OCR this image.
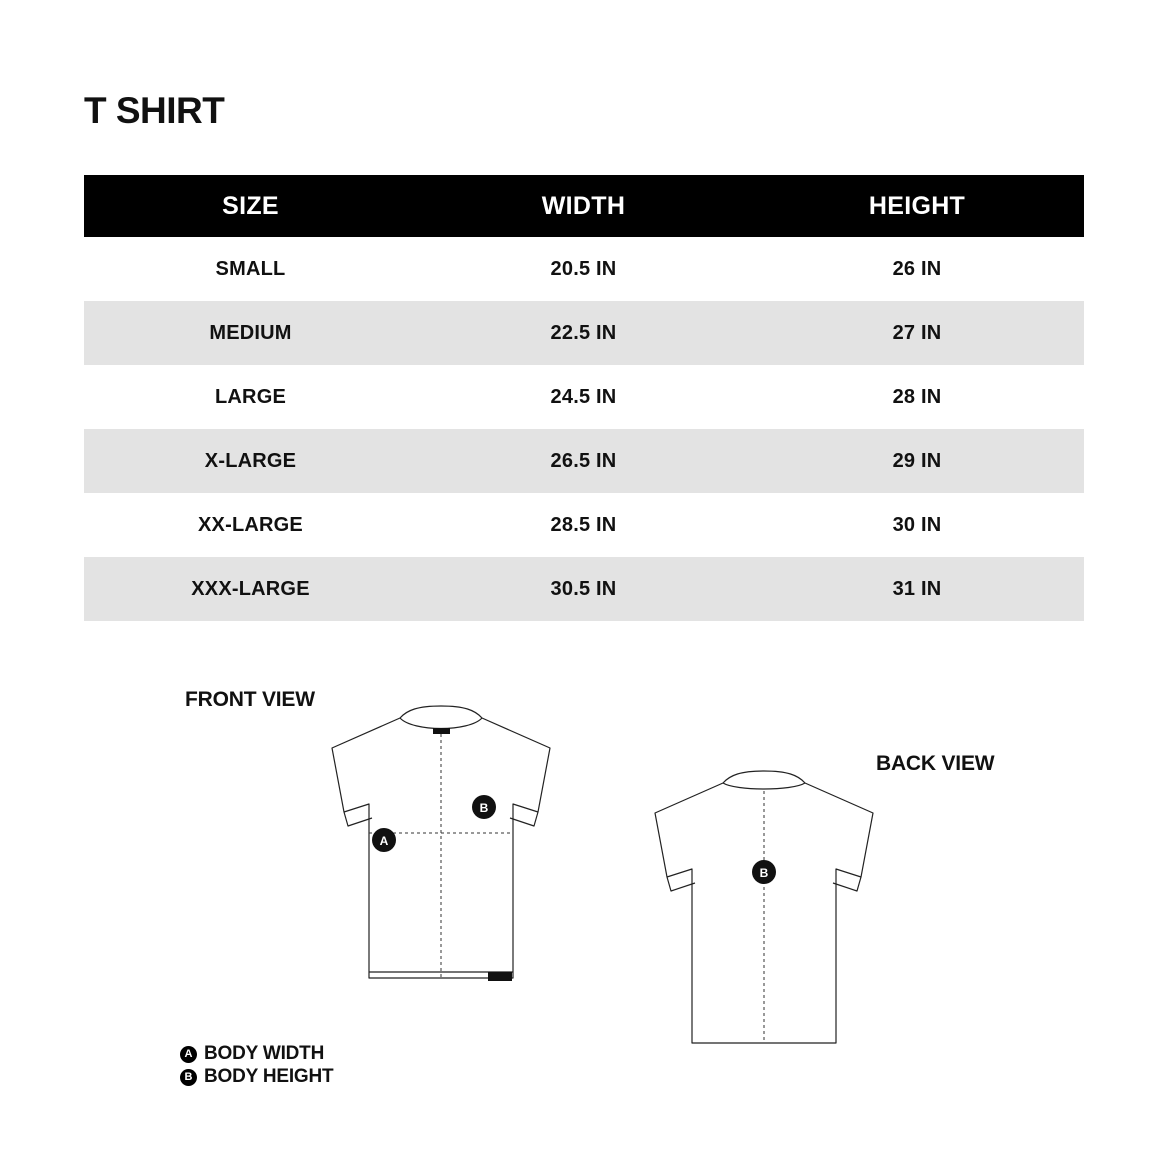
T SHIRT
SIZE	WIDTH	HEIGHT
SMALL	20.5 IN	26 IN
MEDIUM	22.5 IN	27 IN
LARGE	24.5 IN	28 IN
X-LARGE	26.5 IN	29 IN
XX-LARGE	28.5 IN	30 IN
XXX-LARGE	30.5 IN	31 IN
FRONT VIEW
BACK VIEW
B
A
B
A BODY WIDTH
B BODY HEIGHT
